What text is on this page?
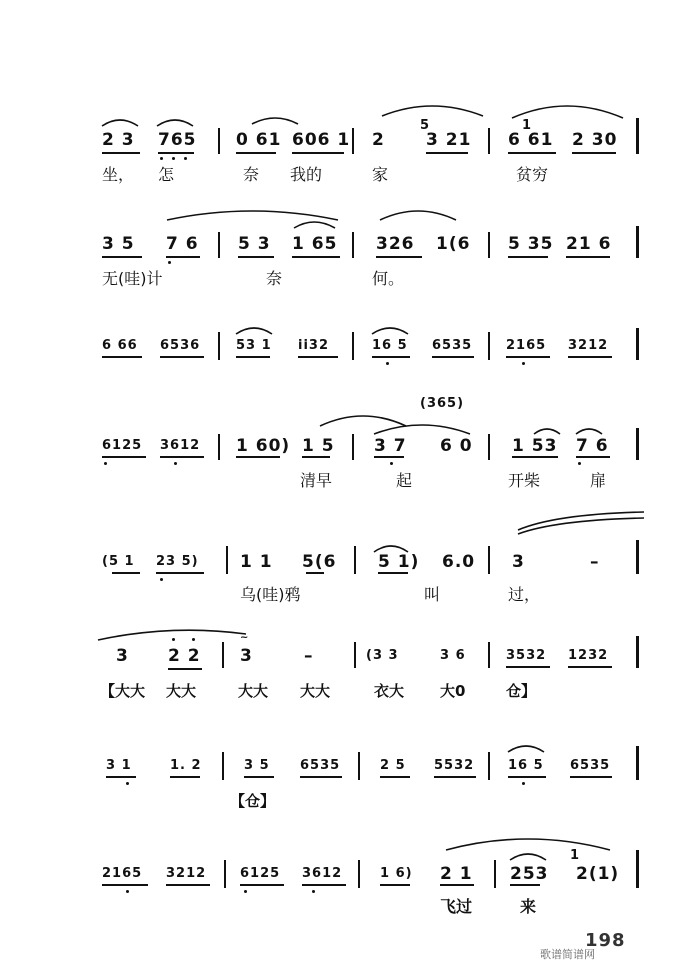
5	1
2 3 765 0 61 606 1 2 3 21 6 61 2 30
坐， 怎	奈 我的	家	贫穷
3 5 7 6 5 3 1 65 326 1(6 5 35 21 6
无(哇)计	奈	何。
6 66 6536	53 1 ii32	16 5 6535	2165 3212
(365)
6125 3612 1 60) 1 5 3 7 6 0 1 53 7 6
清早	起	开柴	扉
(5 1 23 5) 1 1 5(6 5 1) 6.0 3	–
乌(哇)鸦	叫	过，
~
3 2 2 3	–	(3 3	3 6	3532 1232
【大大 大大	大大 大大	衣大 大0	仓】
3 1	1. 2	3 5 6535	2 5 5532	16 5 6535
【仓】
1
2165 3212	6125 3612	1 6) 2 1 253 2(1)
飞过	来
198
歌谱简谱网
